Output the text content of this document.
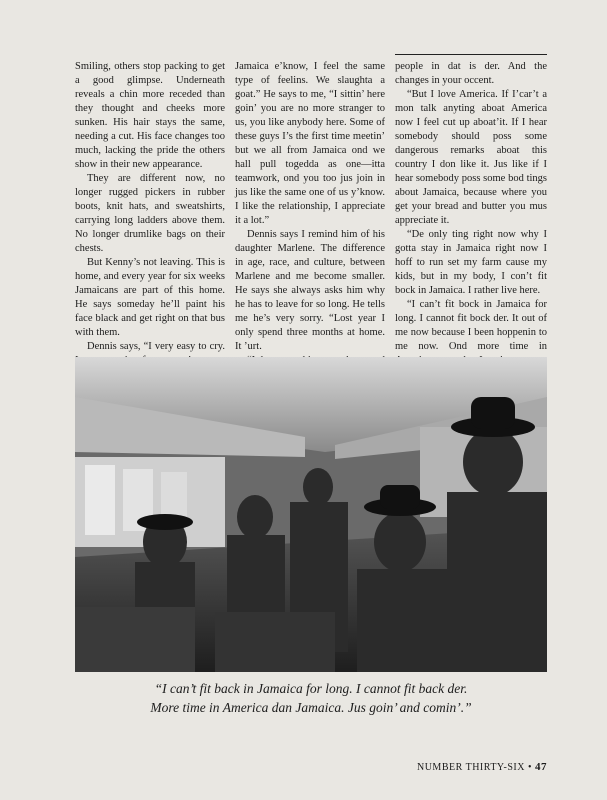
Smiling, others stop packing to get a good glimpse. Underneath reveals a chin more receded than they thought and cheeks more sunken. His hair stays the same, needing a cut. His face changes too much, lacking the pride the others show in their new appearance.

They are different now, no longer rugged pickers in rubber boots, knit hats, and sweatshirts, carrying long ladders above them. No longer drumlike bags on their chests.

But Kenny’s not leaving. This is home, and every year for six weeks Jamaicans are part of this home. He says someday he’ll paint his face black and get right on that bus with them.

Dennis says, “I very easy to cry.

Jamaica e’know, I feel the same type of feelins. We slaughta a goat.” He says to me, “I sittin’ here goin’ you are no more stranger to us, you like anybody here. Some of these guys I’s the first time meetin’ but we all from Jamaica ond we hall pull togedda as one—itta teamwork, ond you too jus join in jus like the same one of us y’know. I like the relationship, I appreciate it a lot.”

Dennis says I remind him of his daughter Marlene. The difference in age, race, and culture, between Marlene and me become smaller. He says she always asks him why he has to leave for so long. He tells me he’s very sorry. “Lost year I only spend three months at home. It ’urt.

people in dat is der. And the changes in your occent.

“But I love America. If I’car’t a mon talk anyting aboat America now I feel cut up aboat’it. If I hear somebody should poss some dangerous remarks aboat this country I don like it. Jus like if I hear somebody poss some bod tings about Jamaica, because where you get your bread and butter you mus appreciate it.

“De only ting right now why I gotta stay in Jamaica right now I hoff to run set my farm cause my kids, but in my body, I con’t fit bock in Jamaica. I rather live here.

“I can’t fit bock in Jamaica for long. I cannot fit bock der. It out of me now because I been hoppenin to me now. Ond more time in

“I can’t fit back in Jamaica for long. I cannot fit back der.
More time in America dan Jamaica. Jus goin’ and comin’.”
NUMBER THIRTY-SIX • 47
